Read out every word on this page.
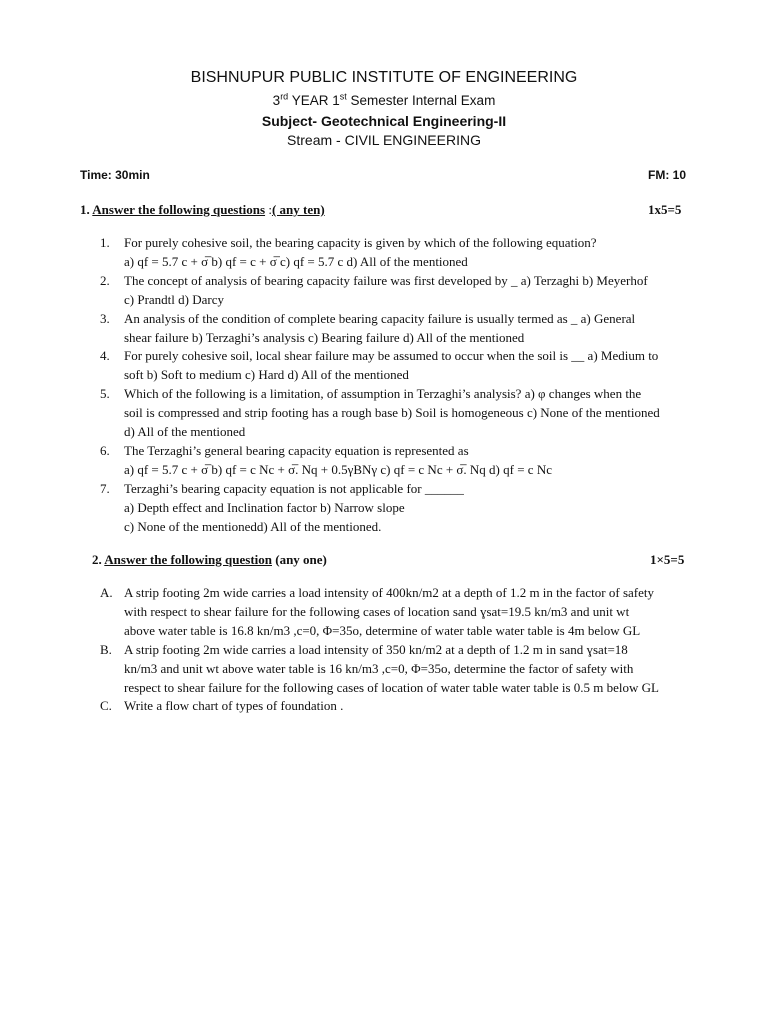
BISHNUPUR PUBLIC INSTITUTE OF ENGINEERING
3rd YEAR 1st Semester Internal Exam
Subject- Geotechnical Engineering-II
Stream - CIVIL ENGINEERING
Time: 30min	FM: 10
1. Answer the following questions :( any ten)	1x5=5
1. For purely cohesive soil, the bearing capacity is given by which of the following equation?
a) qf = 5.7 c + σ̅ b) qf = c + σ̅ c) qf = 5.7 c d) All of the mentioned
2. The concept of analysis of bearing capacity failure was first developed by _ a) Terzaghi b) Meyerhof
c) Prandtl d) Darcy
3. An analysis of the condition of complete bearing capacity failure is usually termed as _ a) General
shear failure b) Terzaghi’s analysis c) Bearing failure d) All of the mentioned
4. For purely cohesive soil, local shear failure may be assumed to occur when the soil is __ a) Medium to
soft b) Soft to medium c) Hard d) All of the mentioned
5. Which of the following is a limitation, of assumption in Terzaghi’s analysis? a) φ changes when the
soil is compressed and strip footing has a rough base b) Soil is homogeneous c) None of the mentioned
d) All of the mentioned
6. The Terzaghi’s general bearing capacity equation is represented as
a) qf = 5.7 c + σ̅ b) qf = c Nc + σ̅. Nq + 0.5γBNγ c) qf = c Nc + σ̅. Nq d) qf = c Nc
7. Terzaghi’s bearing capacity equation is not applicable for ______
a) Depth effect and Inclination factor b) Narrow slope
c) None of the mentionedd) All of the mentioned.
2. Answer the following question (any one)	1×5=5
A. A strip footing 2m wide carries a load intensity of 400kn/m2 at a depth of 1.2 m in the factor of safety
with respect to shear failure for the following cases of location sand ɣsat=19.5 kn/m3 and unit wt
above water table is 16.8 kn/m3 ,c=0, Φ=35o, determine of water table water table is 4m below GL
B. A strip footing 2m wide carries a load intensity of 350 kn/m2 at a depth of 1.2 m in sand ɣsat=18
kn/m3 and unit wt above water table is 16 kn/m3 ,c=0, Φ=35o, determine the factor of safety with
respect to shear failure for the following cases of location of water table water table is 0.5 m below GL
C. Write a flow chart of types of foundation .
